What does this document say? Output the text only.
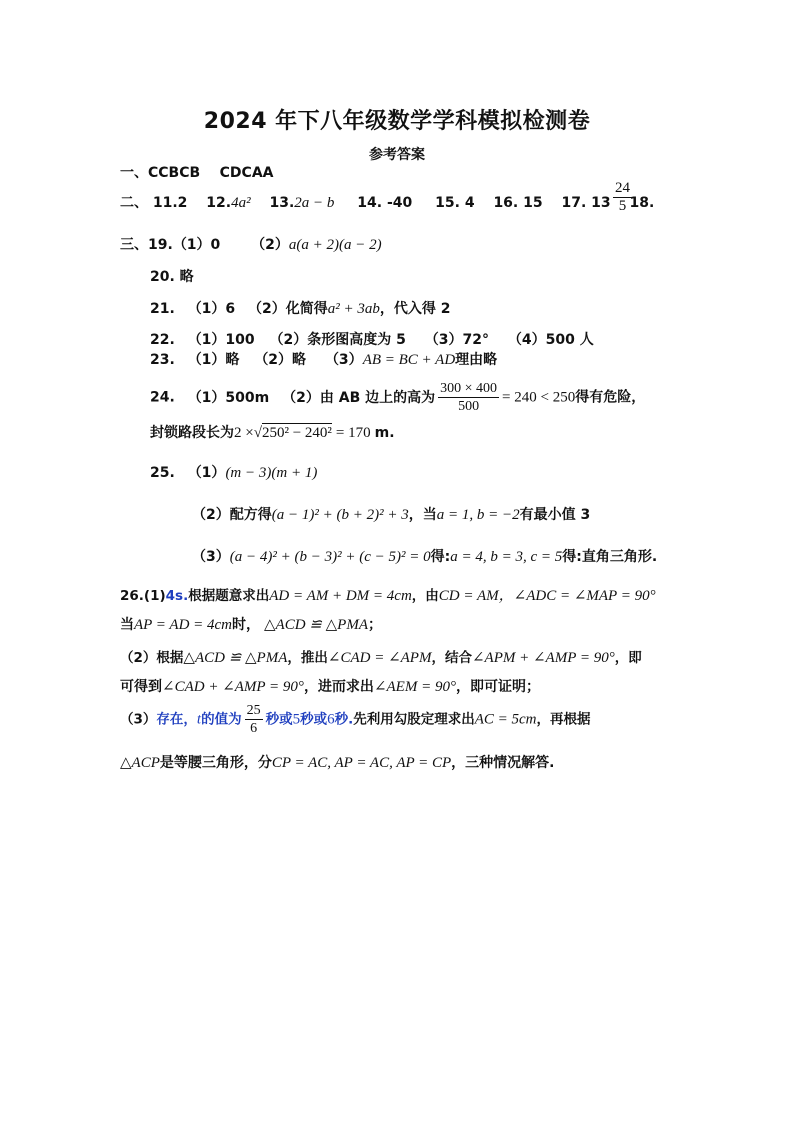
2024 年下八年级数学学科模拟检测卷
参考答案
一、CCBCB    CDCAA
二、 11.2 12.4a² 13.2a − b 14. -40 15. 4 16. 15 17. 13 18.
$\frac{24}{5}$
三、19.（1）0 （2）a(a + 2)(a − 2)
20. 略
21. （1）6 （2）化简得a² + 3ab，代入得 2
22. （1）100 （2）条形图高度为 5 （3）72° （4）500 人
23. （1）略 （2）略 （3）AB = BC + AD理由略
24. （1）500m （2）由 AB 边上的高为 $\frac{300 \times 400}{500} = 240 < 250$得有危险，
封锁路段长为2 ×√250² − 240² = 170 m.
25. （1）(m − 3)(m + 1)
（2）配方得(a − 1)² + (b + 2)² + 3，当a = 1, b = −2有最小值 3
（3）(a − 4)² + (b − 3)² + (c − 5)² = 0得:a = 4, b = 3, c = 5得:直角三角形.
26.(1)4s.根据题意求出AD = AM + DM = 4cm，由CD = AM，∠ADC = ∠MAP = 90°
当AP = AD = 4cm时， △ACD ≌ △PMA；
（2）根据△ACD ≌ △PMA，推出∠CAD = ∠APM，结合∠APM + ∠AMP = 90°，即
可得到∠CAD + ∠AMP = 90°，进而求出∠AEM = 90°，即可证明；
（3）存在，t的值为 $\frac{25}{6}$ 秒或5秒或6秒.先利用勾股定理求出AC = 5cm，再根据
△ACP是等腰三角形，分CP = AC, AP = AC, AP = CP，三种情况解答.
